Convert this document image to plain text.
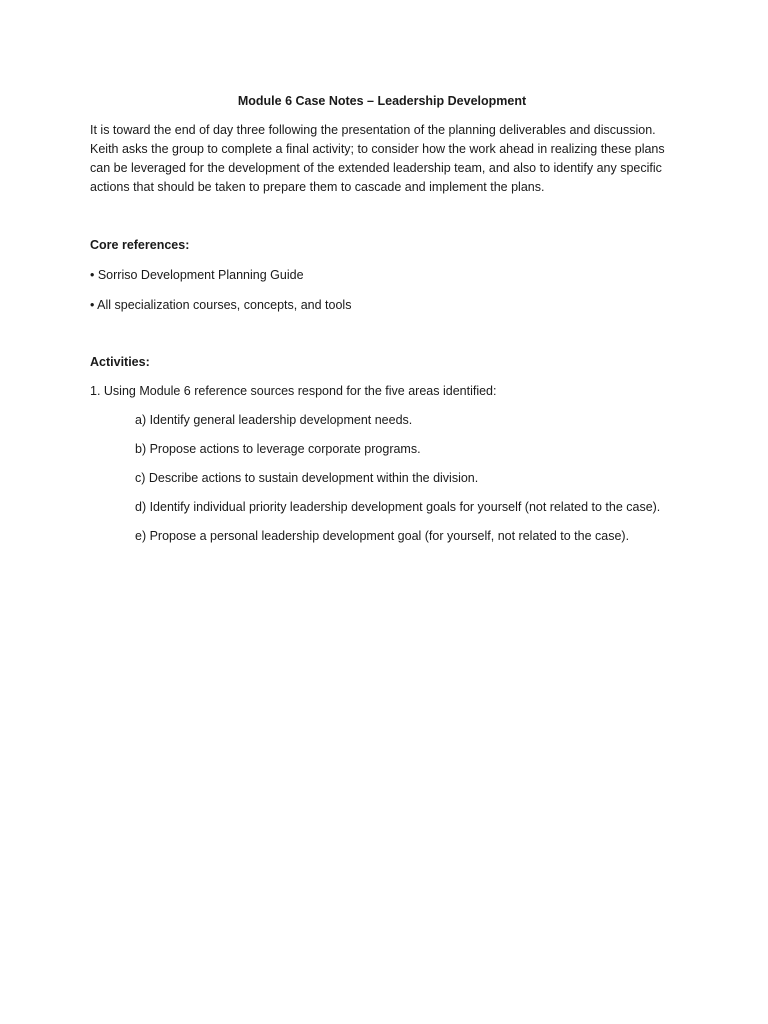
Module 6 Case Notes – Leadership Development

It is toward the end of day three following the presentation of the planning deliverables and discussion.
Keith asks the group to complete a final activity; to consider how the work ahead in realizing these plans
can be leveraged for the development of the extended leadership team, and also to identify any specific
actions that should be taken to prepare them to cascade and implement the plans.

Core references:
• Sorriso Development Planning Guide
• All specialization courses, concepts, and tools
Activities:
1. Using Module 6 reference sources respond for the five areas identified:
a) Identify general leadership development needs.
b) Propose actions to leverage corporate programs.
c) Describe actions to sustain development within the division.
d) Identify individual priority leadership development goals for yourself (not related to the case).
e) Propose a personal leadership development goal (for yourself, not related to the case).
